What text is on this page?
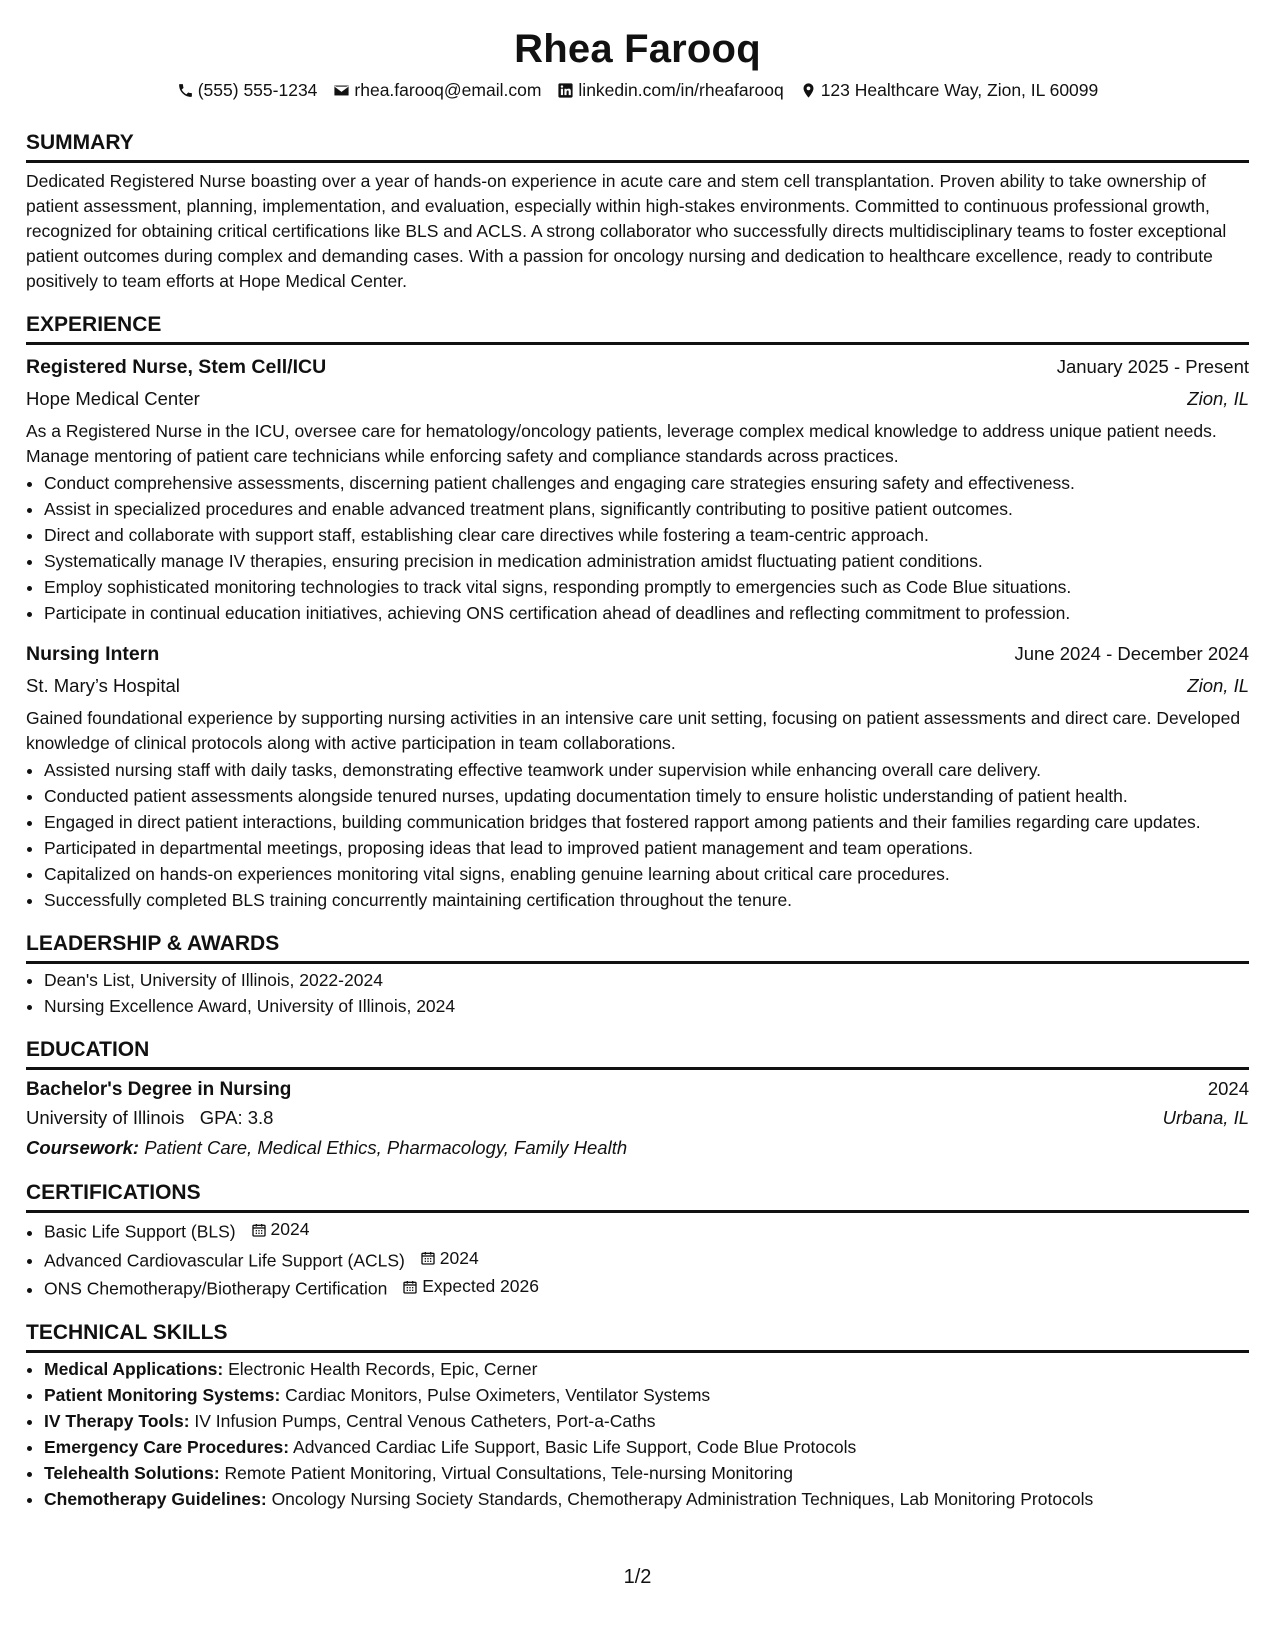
Rhea Farooq
(555) 555-1234 rhea.farooq@email.com linkedin.com/in/rheafarooq 123 Healthcare Way, Zion, IL 60099
SUMMARY

Dedicated Registered Nurse boasting over a year of hands-on experience in acute care and stem cell transplantation. Proven ability to take ownership of patient assessment, planning, implementation, and evaluation, especially within high-stakes environments. Committed to continuous professional growth, recognized for obtaining critical certifications like BLS and ACLS. A strong collaborator who successfully directs multidisciplinary teams to foster exceptional patient outcomes during complex and demanding cases. With a passion for oncology nursing and dedication to healthcare excellence, ready to contribute positively to team efforts at Hope Medical Center.

EXPERIENCE
Registered Nurse, Stem Cell/ICU	January 2025 - Present
Hope Medical Center	Zion, IL

As a Registered Nurse in the ICU, oversee care for hematology/oncology patients, leverage complex medical knowledge to address unique patient needs. Manage mentoring of patient care technicians while enforcing safety and compliance standards across practices.

• Conduct comprehensive assessments, discerning patient challenges and engaging care strategies ensuring safety and effectiveness.
• Assist in specialized procedures and enable advanced treatment plans, significantly contributing to positive patient outcomes.
• Direct and collaborate with support staff, establishing clear care directives while fostering a team-centric approach.
• Systematically manage IV therapies, ensuring precision in medication administration amidst fluctuating patient conditions.
• Employ sophisticated monitoring technologies to track vital signs, responding promptly to emergencies such as Code Blue situations.
• Participate in continual education initiatives, achieving ONS certification ahead of deadlines and reflecting commitment to profession.
Nursing Intern	June 2024 - December 2024
St. Mary’s Hospital	Zion, IL

Gained foundational experience by supporting nursing activities in an intensive care unit setting, focusing on patient assessments and direct care. Developed knowledge of clinical protocols along with active participation in team collaborations.

• Assisted nursing staff with daily tasks, demonstrating effective teamwork under supervision while enhancing overall care delivery.
• Conducted patient assessments alongside tenured nurses, updating documentation timely to ensure holistic understanding of patient health.
• Engaged in direct patient interactions, building communication bridges that fostered rapport among patients and their families regarding care updates.
• Participated in departmental meetings, proposing ideas that lead to improved patient management and team operations.
• Capitalized on hands-on experiences monitoring vital signs, enabling genuine learning about critical care procedures.
• Successfully completed BLS training concurrently maintaining certification throughout the tenure.
LEADERSHIP & AWARDS
• Dean's List, University of Illinois, 2022-2024
• Nursing Excellence Award, University of Illinois, 2024
EDUCATION
Bachelor's Degree in Nursing	2024
University of Illinois GPA: 3.8	Urbana, IL
Coursework: Patient Care, Medical Ethics, Pharmacology, Family Health
CERTIFICATIONS
• Basic Life Support (BLS) 2024
• Advanced Cardiovascular Life Support (ACLS) 2024
• ONS Chemotherapy/Biotherapy Certification Expected 2026
TECHNICAL SKILLS
• Medical Applications: Electronic Health Records, Epic, Cerner
• Patient Monitoring Systems: Cardiac Monitors, Pulse Oximeters, Ventilator Systems
• IV Therapy Tools: IV Infusion Pumps, Central Venous Catheters, Port-a-Caths
• Emergency Care Procedures: Advanced Cardiac Life Support, Basic Life Support, Code Blue Protocols
• Telehealth Solutions: Remote Patient Monitoring, Virtual Consultations, Tele-nursing Monitoring
• Chemotherapy Guidelines: Oncology Nursing Society Standards, Chemotherapy Administration Techniques, Lab Monitoring Protocols
1/2
